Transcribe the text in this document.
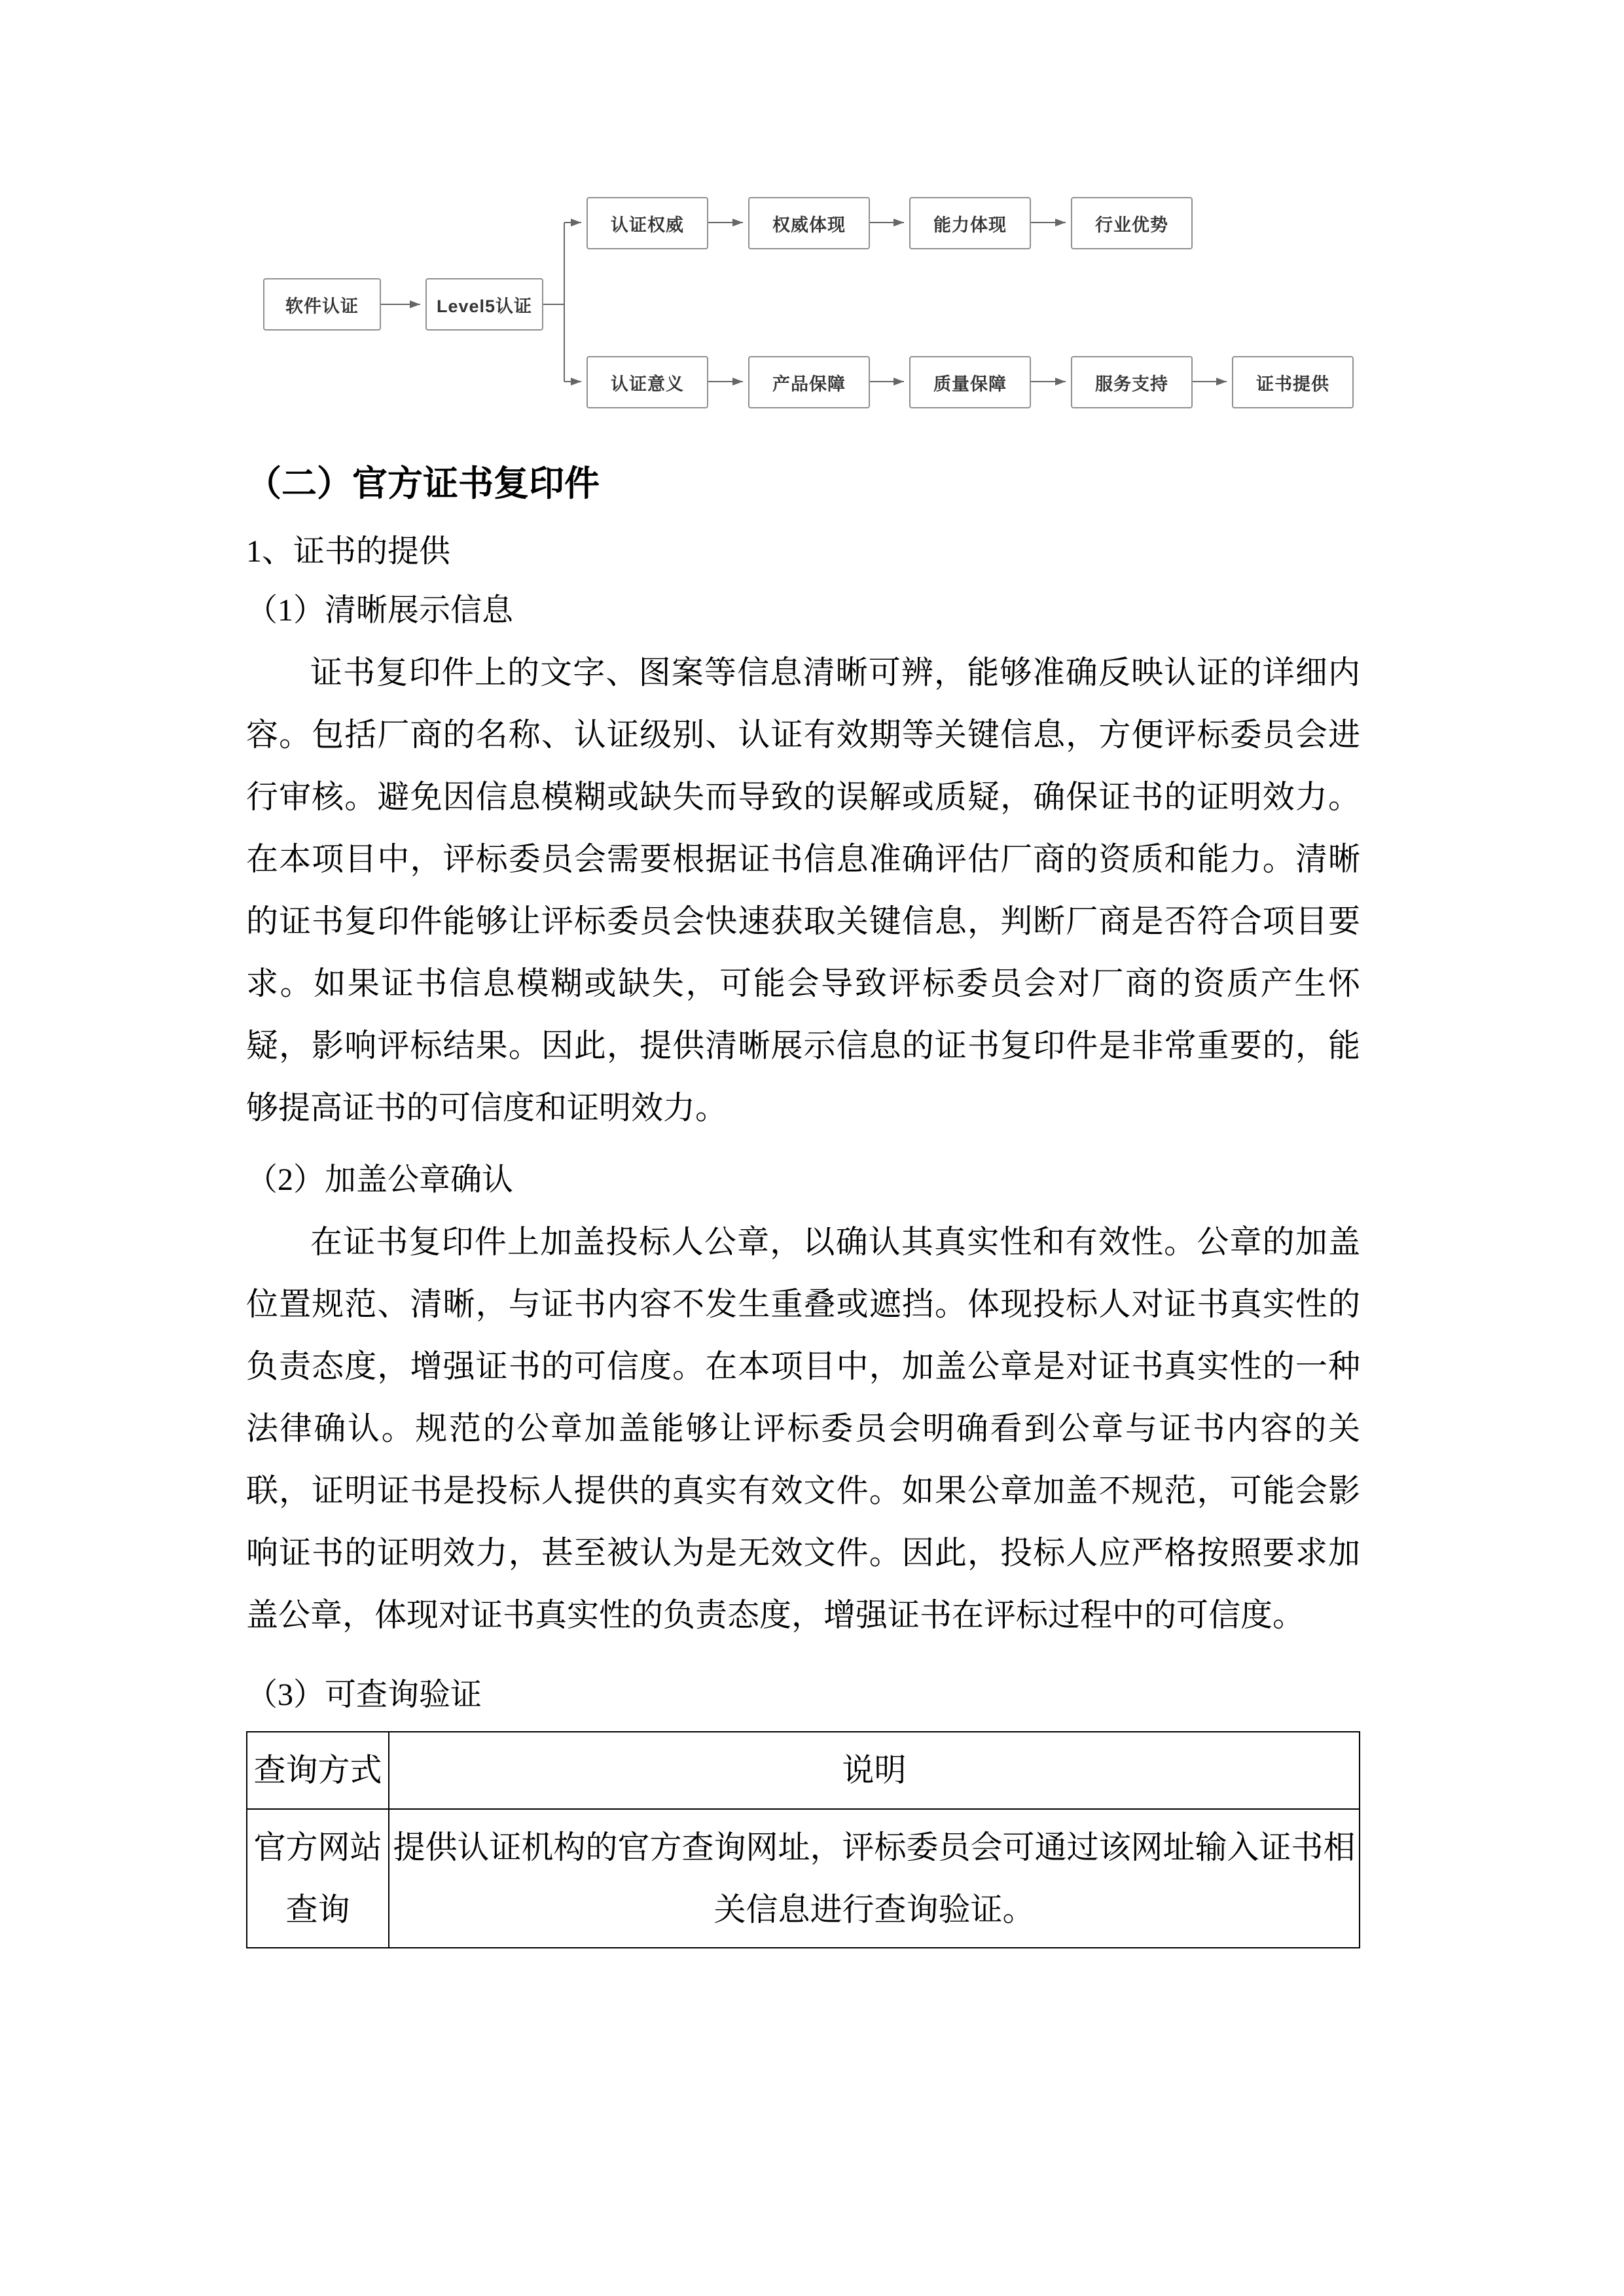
软件认证	Level5认证
认证权威	权威体现	能力体现	行业优势
认证意义	产品保障	质量保障	服务支持	证书提供
（二）官方证书复印件
1、证书的提供
（1）清晰展示信息

证书复印件上的文字、图案等信息清晰可辨，能够准确反映认证的详细内容。包括厂商的名称、认证级别、认证有效期等关键信息，方便评标委员会进行审核。避免因信息模糊或缺失而导致的误解或质疑，确保证书的证明效力。在本项目中，评标委员会需要根据证书信息准确评估厂商的资质和能力。清晰的证书复印件能够让评标委员会快速获取关键信息，判断厂商是否符合项目要求。如果证书信息模糊或缺失，可能会导致评标委员会对厂商的资质产生怀疑，影响评标结果。因此，提供清晰展示信息的证书复印件是非常重要的，能够提高证书的可信度和证明效力。

（2）加盖公章确认

在证书复印件上加盖投标人公章，以确认其真实性和有效性。公章的加盖位置规范、清晰，与证书内容不发生重叠或遮挡。体现投标人对证书真实性的负责态度，增强证书的可信度。在本项目中，加盖公章是对证书真实性的一种法律确认。规范的公章加盖能够让评标委员会明确看到公章与证书内容的关联，证明证书是投标人提供的真实有效文件。如果公章加盖不规范，可能会影响证书的证明效力，甚至被认为是无效文件。因此，投标人应严格按照要求加盖公章，体现对证书真实性的负责态度，增强证书在评标过程中的可信度。

（3）可查询验证
查询方式	说明
官方网站查询	提供认证机构的官方查询网址，评标委员会可通过该网址输入证书相关信息进行查询验证。
